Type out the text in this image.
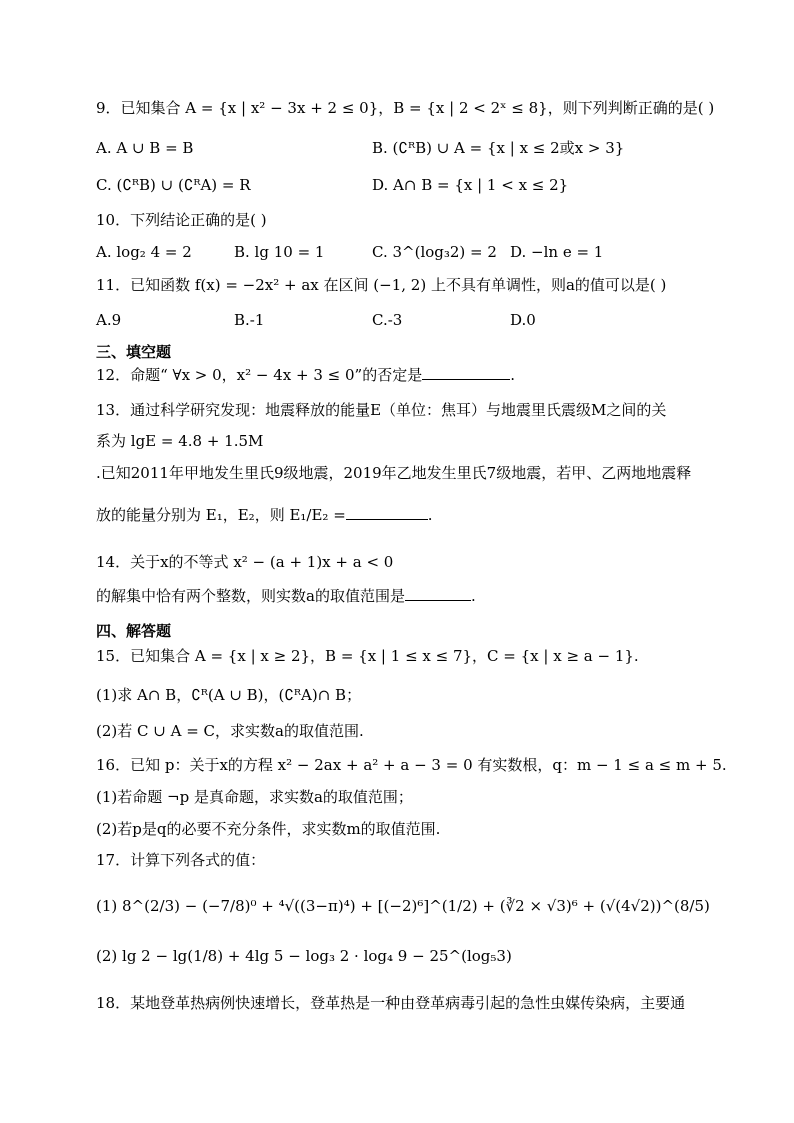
9．已知集合 A = {x | x² − 3x + 2 ≤ 0}，B = {x | 2 < 2ˣ ≤ 8}，则下列判断正确的是( )
A. A ∪ B = B	B. (∁ᴿB) ∪ A = {x | x ≤ 2或x > 3}
C. (∁ᴿB) ∪ (∁ᴿA) = R	D. A∩ B = {x | 1 < x ≤ 2}
10．下列结论正确的是( )
A. log₂ 4 = 2	B. lg 10 = 1	C. 3^(log₃2) = 2 D. −ln e = 1
11．已知函数 f(x) = −2x² + ax 在区间 (−1, 2) 上不具有单调性，则a的值可以是( )
A.9	B.-1	C.-3	D.0
三、填空题
12．命题“ ∀x > 0，x² − 4x + 3 ≤ 0”的否定是	.
13．通过科学研究发现：地震释放的能量E（单位：焦耳）与地震里氏震级M之间的关
系为 lgE = 4.8 + 1.5M
.已知2011年甲地发生里氏9级地震，2019年乙地发生里氏7级地震，若甲、乙两地地震释
放的能量分别为 E₁，E₂，则 E₁/E₂ =	.
14．关于x的不等式 x² − (a + 1)x + a < 0
的解集中恰有两个整数，则实数a的取值范围是	.
四、解答题
15．已知集合 A = {x | x ≥ 2}，B = {x | 1 ≤ x ≤ 7}，C = {x | x ≥ a − 1}.
(1)求 A∩ B，∁ᴿ(A ∪ B)，(∁ᴿA)∩ B；
(2)若 C ∪ A = C，求实数a的取值范围.
16．已知 p：关于x的方程 x² − 2ax + a² + a − 3 = 0 有实数根，q：m − 1 ≤ a ≤ m + 5.
(1)若命题 ¬p 是真命题，求实数a的取值范围；
(2)若p是q的必要不充分条件，求实数m的取值范围.
17．计算下列各式的值：
(1) 8^(2/3) − (−7/8)⁰ + ⁴√((3−π)⁴) + [(−2)⁶]^(1/2) + (∛2 × √3)⁶ + (√(4√2))^(8/5)
(2) lg 2 − lg(1/8) + 4lg 5 − log₃ 2 · log₄ 9 − 25^(log₅3)
18．某地登革热病例快速增长，登革热是一种由登革病毒引起的急性虫媒传染病，主要通
